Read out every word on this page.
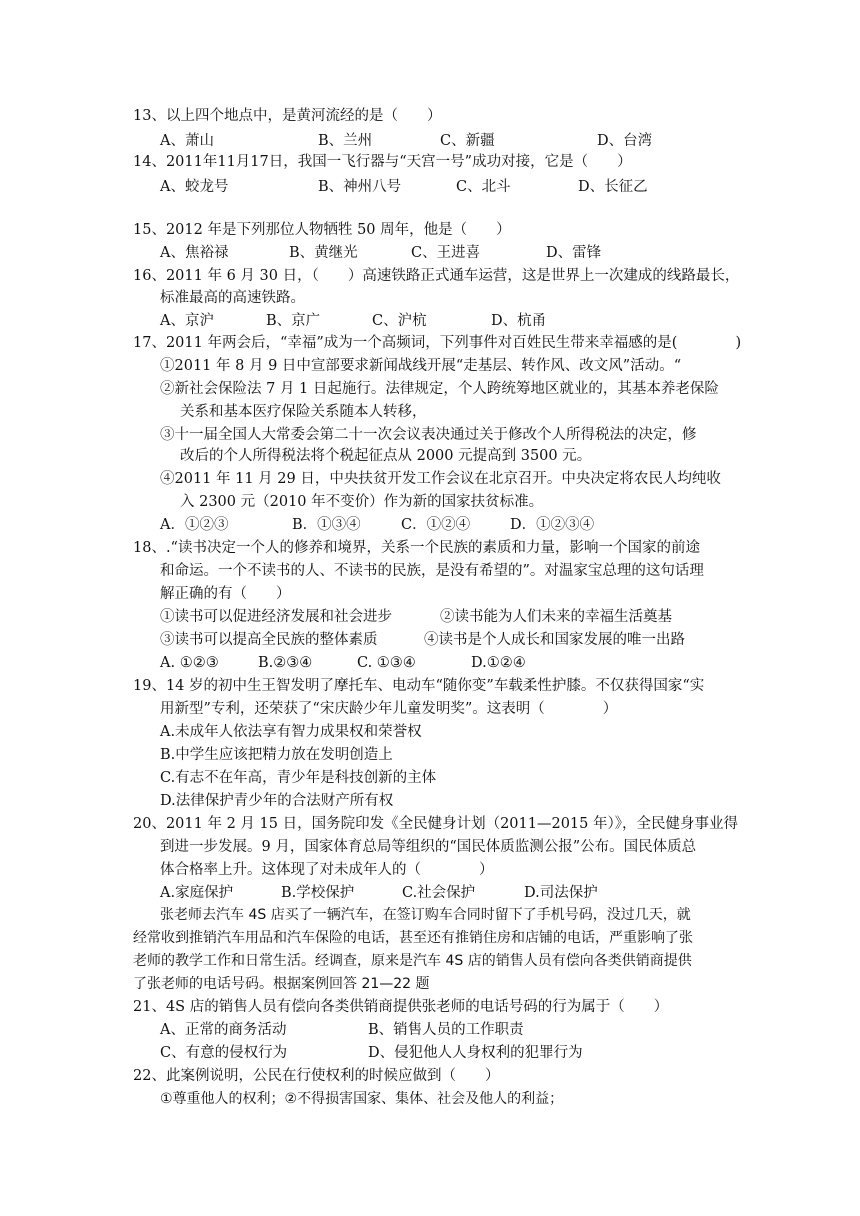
13、以上四个地点中，是黄河流经的是（　　）
A、萧山	B、兰州	C、新疆	D、台湾
14、2011年11月17日，我国一飞行器与“天宫一号”成功对接，它是（　　）
A、蛟龙号	B、神州八号	C、北斗	D、长征乙
15、2012 年是下列那位人物牺牲 50 周年，他是（　　）
A、焦裕禄	B、黄继光	C、王进喜	D、雷锋
16、2011 年 6 月 30 日，（　　）高速铁路正式通车运营，这是世界上一次建成的线路最长，
标准最高的高速铁路。
A、京沪	B、京广	C、沪杭	D、杭甬
17、2011 年两会后，“幸福”成为一个高频词，下列事件对百姓民生带来幸福感的是(　　　　)
①2011 年 8 月 9 日中宣部要求新闻战线开展“走基层、转作风、改文风”活动。“
②新社会保险法 7 月 1 日起施行。法律规定，个人跨统筹地区就业的，其基本养老保险
关系和基本医疗保险关系随本人转移，
③十一届全国人大常委会第二十一次会议表决通过关于修改个人所得税法的决定，修
改后的个人所得税法将个税起征点从 2000 元提高到 3500 元。
④2011 年 11 月 29 日，中央扶贫开发工作会议在北京召开。中央决定将农民人均纯收
入 2300 元（2010 年不变价）作为新的国家扶贫标准。
A．①②③	B．①③④	C．①②④	D．①②③④
18、.“读书决定一个人的修养和境界，关系一个民族的素质和力量，影响一个国家的前途
和命运。一个不读书的人、不读书的民族，是没有希望的”。对温家宝总理的这句话理
解正确的有（　　）
①读书可以促进经济发展和社会进步	②读书能为人们未来的幸福生活奠基
③读书可以提高全民族的整体素质	④读书是个人成长和国家发展的唯一出路
A. ①②③	B.②③④	C. ①③④	D.①②④
19、14 岁的初中生王智发明了摩托车、电动车“随你变”车载柔性护膝。不仅获得国家“实
用新型”专利，还荣获了“宋庆龄少年儿童发明奖”。这表明（　　　　）
A.未成年人依法享有智力成果权和荣誉权
B.中学生应该把精力放在发明创造上
C.有志不在年高，青少年是科技创新的主体
D.法律保护青少年的合法财产所有权
20、2011 年 2 月 15 日，国务院印发《全民健身计划（2011—2015 年）》，全民健身事业得
到进一步发展。9 月，国家体育总局等组织的“国民体质监测公报”公布。国民体质总
体合格率上升。这体现了对未成年人的（　　　　）
A.家庭保护	B.学校保护	C.社会保护	D.司法保护
张老师去汽车 4S 店买了一辆汽车，在签订购车合同时留下了手机号码，没过几天，就
经常收到推销汽车用品和汽车保险的电话，甚至还有推销住房和店铺的电话，严重影响了张
老师的教学工作和日常生活。经调查，原来是汽车 4S 店的销售人员有偿向各类供销商提供
了张老师的电话号码。根据案例回答 21—22 题
21、4S 店的销售人员有偿向各类供销商提供张老师的电话号码的行为属于（　　）
A、正常的商务活动	B、销售人员的工作职责
C、有意的侵权行为	D、侵犯他人人身权利的犯罪行为
22、此案例说明，公民在行使权利的时候应做到（　　）
①尊重他人的权利；②不得损害国家、集体、社会及他人的利益；
